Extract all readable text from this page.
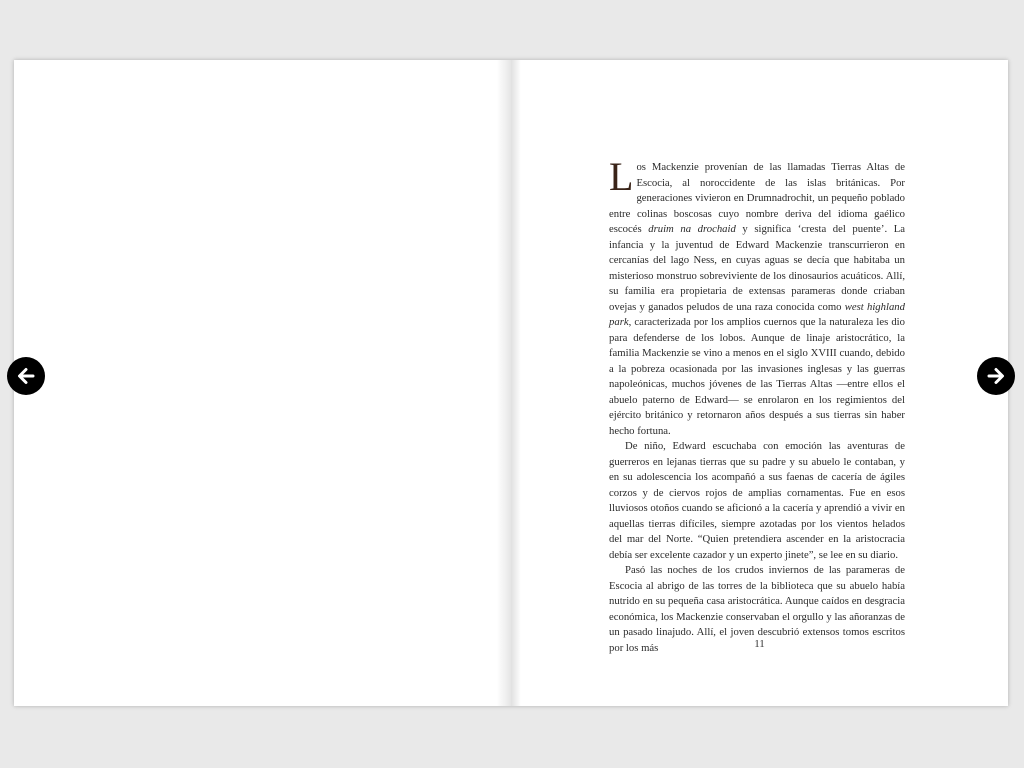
Los Mackenzie provenían de las llamadas Tierras Altas de Escocia, al noroccidente de las islas británicas. Por generaciones vivieron en Drumnadrochit, un pequeño poblado entre colinas boscosas cuyo nombre deriva del idioma gaélico escocés druim na drochaid y significa ‘cresta del puente’. La infancia y la juventud de Edward Mackenzie transcurrieron en cercanías del lago Ness, en cuyas aguas se decía que habitaba un misterioso monstruo sobreviviente de los dinosaurios acuáticos. Allí, su familia era propietaria de extensas parameras donde criaban ovejas y ganados peludos de una raza conocida como west highland park, caracterizada por los amplios cuernos que la naturaleza les dio para defenderse de los lobos. Aunque de linaje aristocrático, la familia Mackenzie se vino a menos en el siglo XVIII cuando, debido a la pobreza ocasionada por las invasiones inglesas y las guerras napoleónicas, muchos jóvenes de las Tierras Altas —entre ellos el abuelo paterno de Edward— se enrolaron en los regimientos del ejército británico y retornaron años después a sus tierras sin haber hecho fortuna.

De niño, Edward escuchaba con emoción las aventuras de guerreros en lejanas tierras que su padre y su abuelo le contaban, y en su adolescencia los acompañó a sus faenas de cacería de ágiles corzos y de ciervos rojos de amplias cornamentas. Fue en esos lluviosos otoños cuando se aficionó a la cacería y aprendió a vivir en aquellas tierras difíciles, siempre azotadas por los vientos helados del mar del Norte. “Quien pretendiera ascender en la aristocracia debía ser excelente cazador y un experto jinete”, se lee en su diario.

Pasó las noches de los crudos inviernos de las parameras de Escocia al abrigo de las torres de la biblioteca que su abuelo había nutrido en su pequeña casa aristocrática. Aunque caídos en desgracia económica, los Mackenzie conservaban el orgullo y las añoranzas de un pasado linajudo. Allí, el joven descubrió extensos tomos escritos por los más	11
